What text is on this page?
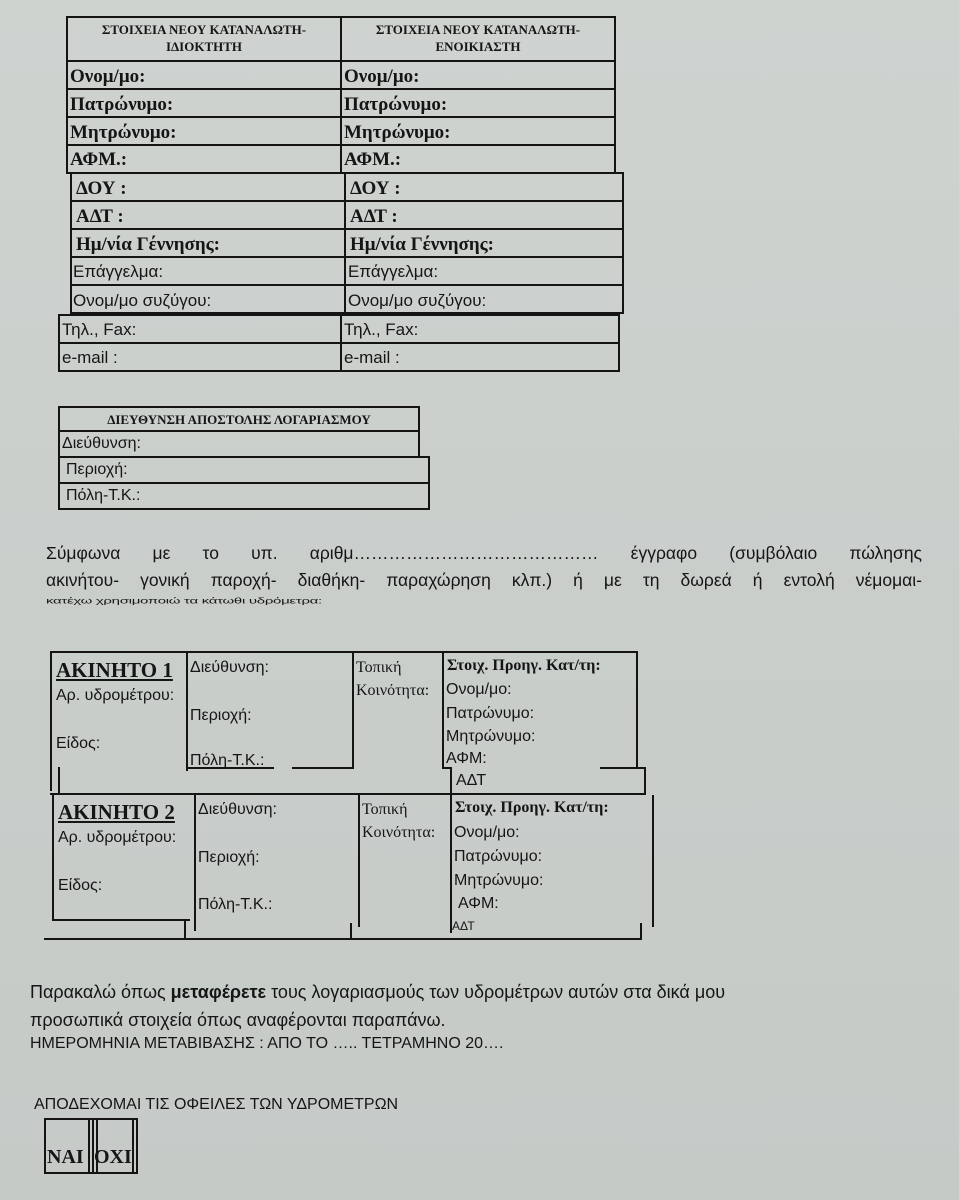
ΣΤΟΙΧΕΙΑ ΝΕΟΥ ΚΑΤΑΝΑΛΩΤΗ-ΙΔΙΟΚΤΗΤΗ
ΣΤΟΙΧΕΙΑ ΝΕΟΥ ΚΑΤΑΝΑΛΩΤΗ-ΕΝΟΙΚΙΑΣΤΗ
Ονομ/μο:
Πατρώνυμο:
Μητρώνυμο:
ΑΦΜ.:
ΔΟΥ :
ΑΔΤ :
Ημ/νία Γέννησης:
Επάγγελμα:
Ονομ/μο συζύγου:
Τηλ., Fax:
e-mail :
Ονομ/μο:
Πατρώνυμο:
Μητρώνυμο:
ΑΦΜ.:
ΔΟΥ :
ΑΔΤ :
Ημ/νία Γέννησης:
Επάγγελμα:
Ονομ/μο συζύγου:
Τηλ., Fax:
e-mail :
ΔΙΕΥΘΥΝΣΗ ΑΠΟΣΤΟΛΗΣ ΛΟΓΑΡΙΑΣΜΟΥ
Διεύθυνση:
Περιοχή:
Πόλη-Τ.Κ.:
Σύμφωνα με το υπ. αριθμ…………………………………… έγγραφο (συμβόλαιο πώλησης
ακινήτου- γονική παροχή- διαθήκη- παραχώρηση κλπ.) ή με τη δωρεά ή εντολή νέμομαι-
κατέχω χρησιμοποιώ τα κάτωθι υδρόμετρα:
ΑΚΙΝΗΤΟ 1
Αρ. υδρομέτρου:
Είδος:
Διεύθυνση:
Περιοχή:
Πόλη-Τ.Κ.:
Τοπική
Κοινότητα:
Στοιχ. Προηγ. Κατ/τη:
Ονομ/μο:
Πατρώνυμο:
Μητρώνυμο:
ΑΦΜ:
ΑΔΤ
ΑΚΙΝΗΤΟ 2
Αρ. υδρομέτρου:
Είδος:
Διεύθυνση:
Περιοχή:
Πόλη-Τ.Κ.:
Τοπική
Κοινότητα:
Στοιχ. Προηγ. Κατ/τη:
Ονομ/μο:
Πατρώνυμο:
Μητρώνυμο:
ΑΦΜ:
ΑΔΤ
Παρακαλώ όπως μεταφέρετε τους λογαριασμούς των υδρομέτρων αυτών στα δικά μου
προσωπικά στοιχεία όπως αναφέρονται παραπάνω.
ΗΜΕΡΟΜΗΝΙΑ ΜΕΤΑΒΙΒΑΣΗΣ : ΑΠΟ ΤΟ ….. ΤΕΤΡΑΜΗΝΟ 20….
ΑΠΟΔΕΧΟΜΑΙ ΤΙΣ ΟΦΕΙΛΕΣ ΤΩΝ ΥΔΡΟΜΕΤΡΩΝ
ΝΑΙ ΟΧΙ
